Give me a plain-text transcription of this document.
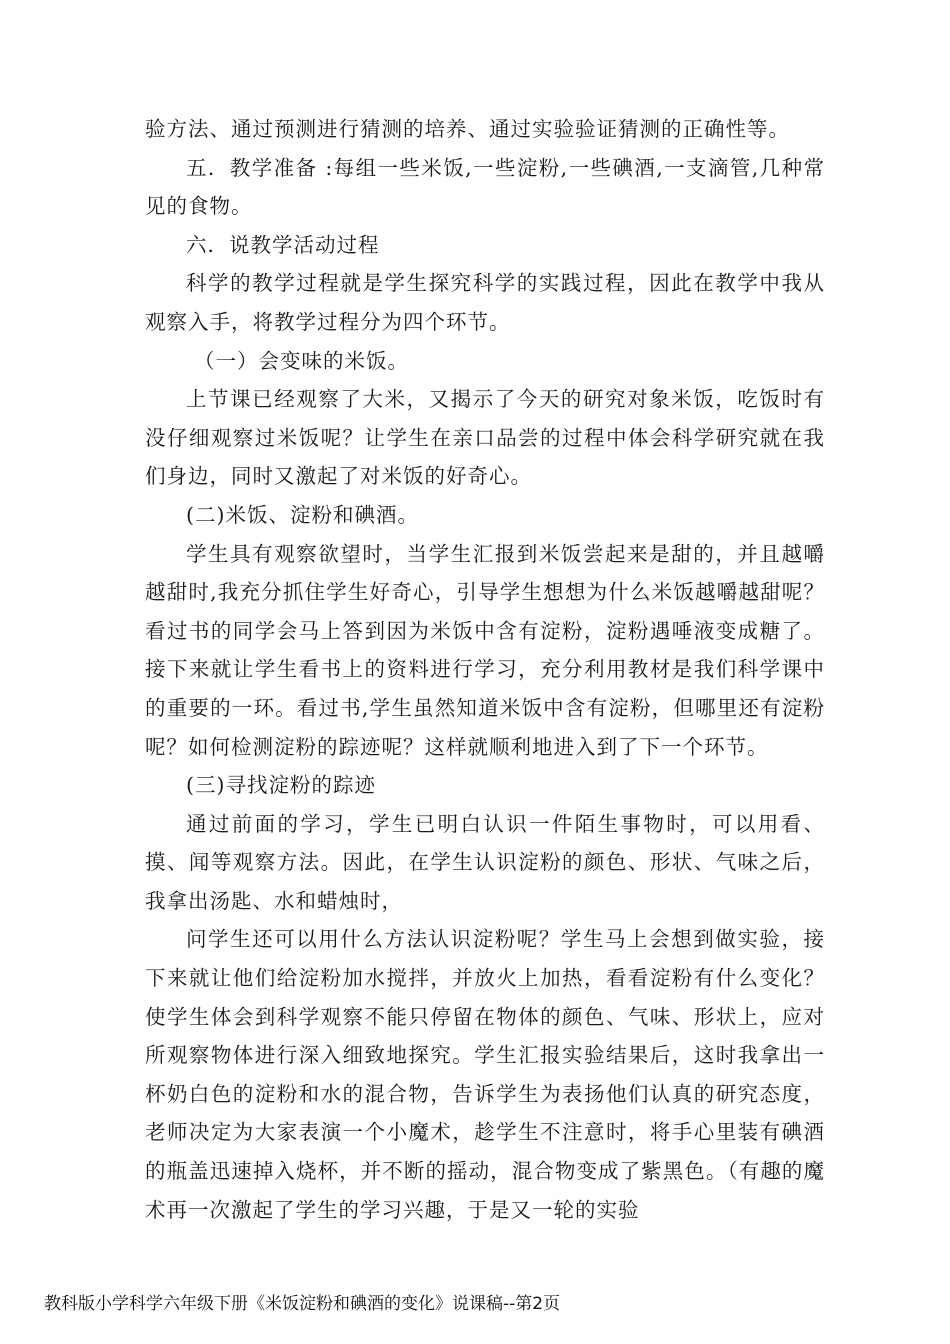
验方法、通过预测进行猜测的培养、通过实验验证猜测的正确性等。

五．教学准备 :每组一些米饭,一些淀粉,一些碘酒,一支滴管,几种常见的食物。

六．说教学活动过程

科学的教学过程就是学生探究科学的实践过程，因此在教学中我从观察入手，将教学过程分为四个环节。

（一）会变味的米饭。

上节课已经观察了大米，又揭示了今天的研究对象米饭，吃饭时有没仔细观察过米饭呢？让学生在亲口品尝的过程中体会科学研究就在我们身边，同时又激起了对米饭的好奇心。

(二)米饭、淀粉和碘酒。

学生具有观察欲望时，当学生汇报到米饭尝起来是甜的，并且越嚼越甜时,我充分抓住学生好奇心，引导学生想想为什么米饭越嚼越甜呢？看过书的同学会马上答到因为米饭中含有淀粉，淀粉遇唾液变成糖了。接下来就让学生看书上的资料进行学习，充分利用教材是我们科学课中的重要的一环。看过书,学生虽然知道米饭中含有淀粉，但哪里还有淀粉呢？如何检测淀粉的踪迹呢？这样就顺利地进入到了下一个环节。

(三)寻找淀粉的踪迹

通过前面的学习，学生已明白认识一件陌生事物时，可以用看、摸、闻等观察方法。因此，在学生认识淀粉的颜色、形状、气味之后，我拿出汤匙、水和蜡烛时，

问学生还可以用什么方法认识淀粉呢？学生马上会想到做实验，接下来就让他们给淀粉加水搅拌，并放火上加热，看看淀粉有什么变化？使学生体会到科学观察不能只停留在物体的颜色、气味、形状上，应对所观察物体进行深入细致地探究。学生汇报实验结果后，这时我拿出一杯奶白色的淀粉和水的混合物，告诉学生为表扬他们认真的研究态度，老师决定为大家表演一个小魔术，趁学生不注意时，将手心里装有碘酒的瓶盖迅速掉入烧杯，并不断的摇动，混合物变成了紫黑色。（有趣的魔术再一次激起了学生的学习兴趣，于是又一轮的实验

教科版小学科学六年级下册《米饭淀粉和碘酒的变化》说课稿--第2页
